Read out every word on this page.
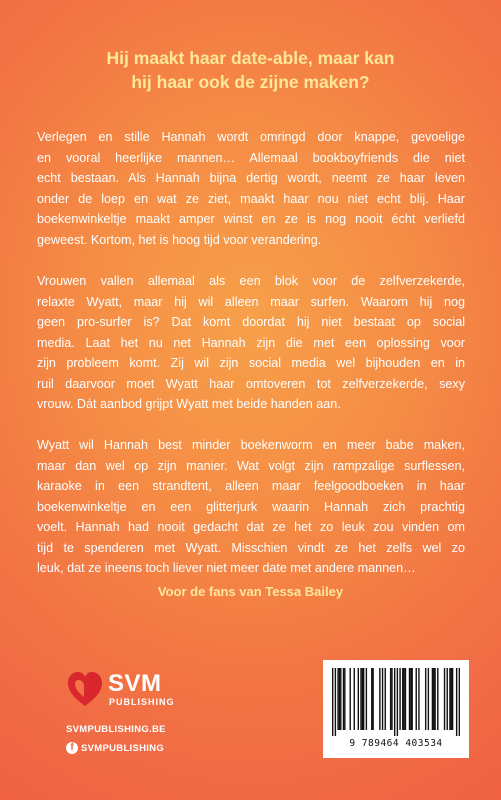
Hij maakt haar date-able, maar kan
hij haar ook de zijne maken?
Verlegen en stille Hannah wordt omringd door knappe, gevoelige
en vooral heerlijke mannen… Allemaal bookboyfriends die niet
echt bestaan. Als Hannah bijna dertig wordt, neemt ze haar leven
onder de loep en wat ze ziet, maakt haar nou niet echt blij. Haar
boekenwinkeltje maakt amper winst en ze is nog nooit écht verliefd
geweest. Kortom, het is hoog tijd voor verandering.
Vrouwen vallen allemaal als een blok voor de zelfverzekerde,
relaxte Wyatt, maar hij wil alleen maar surfen. Waarom hij nog
geen pro-surfer is? Dat komt doordat hij niet bestaat op social
media. Laat het nu net Hannah zijn die met een oplossing voor
zijn probleem komt. Zij wil zijn social media wel bijhouden en in
ruil daarvoor moet Wyatt haar omtoveren tot zelfverzekerde, sexy
vrouw. Dát aanbod grijpt Wyatt met beide handen aan.
Wyatt wil Hannah best minder boekenworm en meer babe maken,
maar dan wel op zijn manier. Wat volgt zijn rampzalige surflessen,
karaoke in een strandtent, alleen maar feelgoodboeken in haar
boekenwinkeltje en een glitterjurk waarin Hannah zich prachtig
voelt. Hannah had nooit gedacht dat ze het zo leuk zou vinden om
tijd te spenderen met Wyatt. Misschien vindt ze het zelfs wel zo
leuk, dat ze ineens toch liever niet meer date met andere mannen…
Voor de fans van Tessa Bailey
SVM
PUBLISHING
SVMPUBLISHING.BE
f SVMPUBLISHING	9 789464 403534
